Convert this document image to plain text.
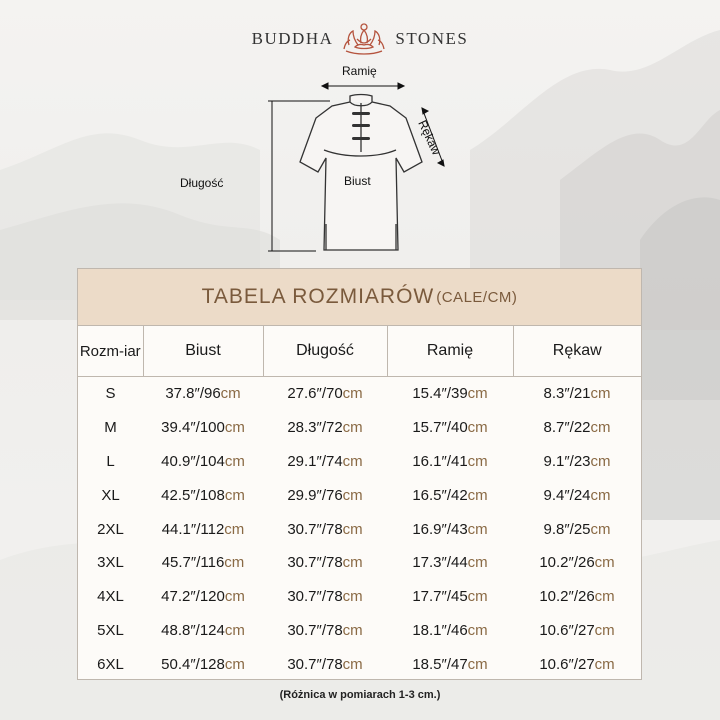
BUDDHA	STONES
Ramię
Rękaw
Długość	Biust
TABELA ROZMIARÓW (CALE/CM)
Rozm-iar	Biust	Długość	Ramię	Rękaw
S	37.8″/96cm	27.6″/70cm	15.4″/39cm	8.3″/21cm
M	39.4″/100cm	28.3″/72cm	15.7″/40cm	8.7″/22cm
L	40.9″/104cm	29.1″/74cm	16.1″/41cm	9.1″/23cm
XL	42.5″/108cm	29.9″/76cm	16.5″/42cm	9.4″/24cm
2XL	44.1″/112cm	30.7″/78cm	16.9″/43cm	9.8″/25cm
3XL	45.7″/116cm	30.7″/78cm	17.3″/44cm	10.2″/26cm
4XL	47.2″/120cm	30.7″/78cm	17.7″/45cm	10.2″/26cm
5XL	48.8″/124cm	30.7″/78cm	18.1″/46cm	10.6″/27cm
6XL	50.4″/128cm	30.7″/78cm	18.5″/47cm	10.6″/27cm
(Różnica w pomiarach 1-3 cm.)
